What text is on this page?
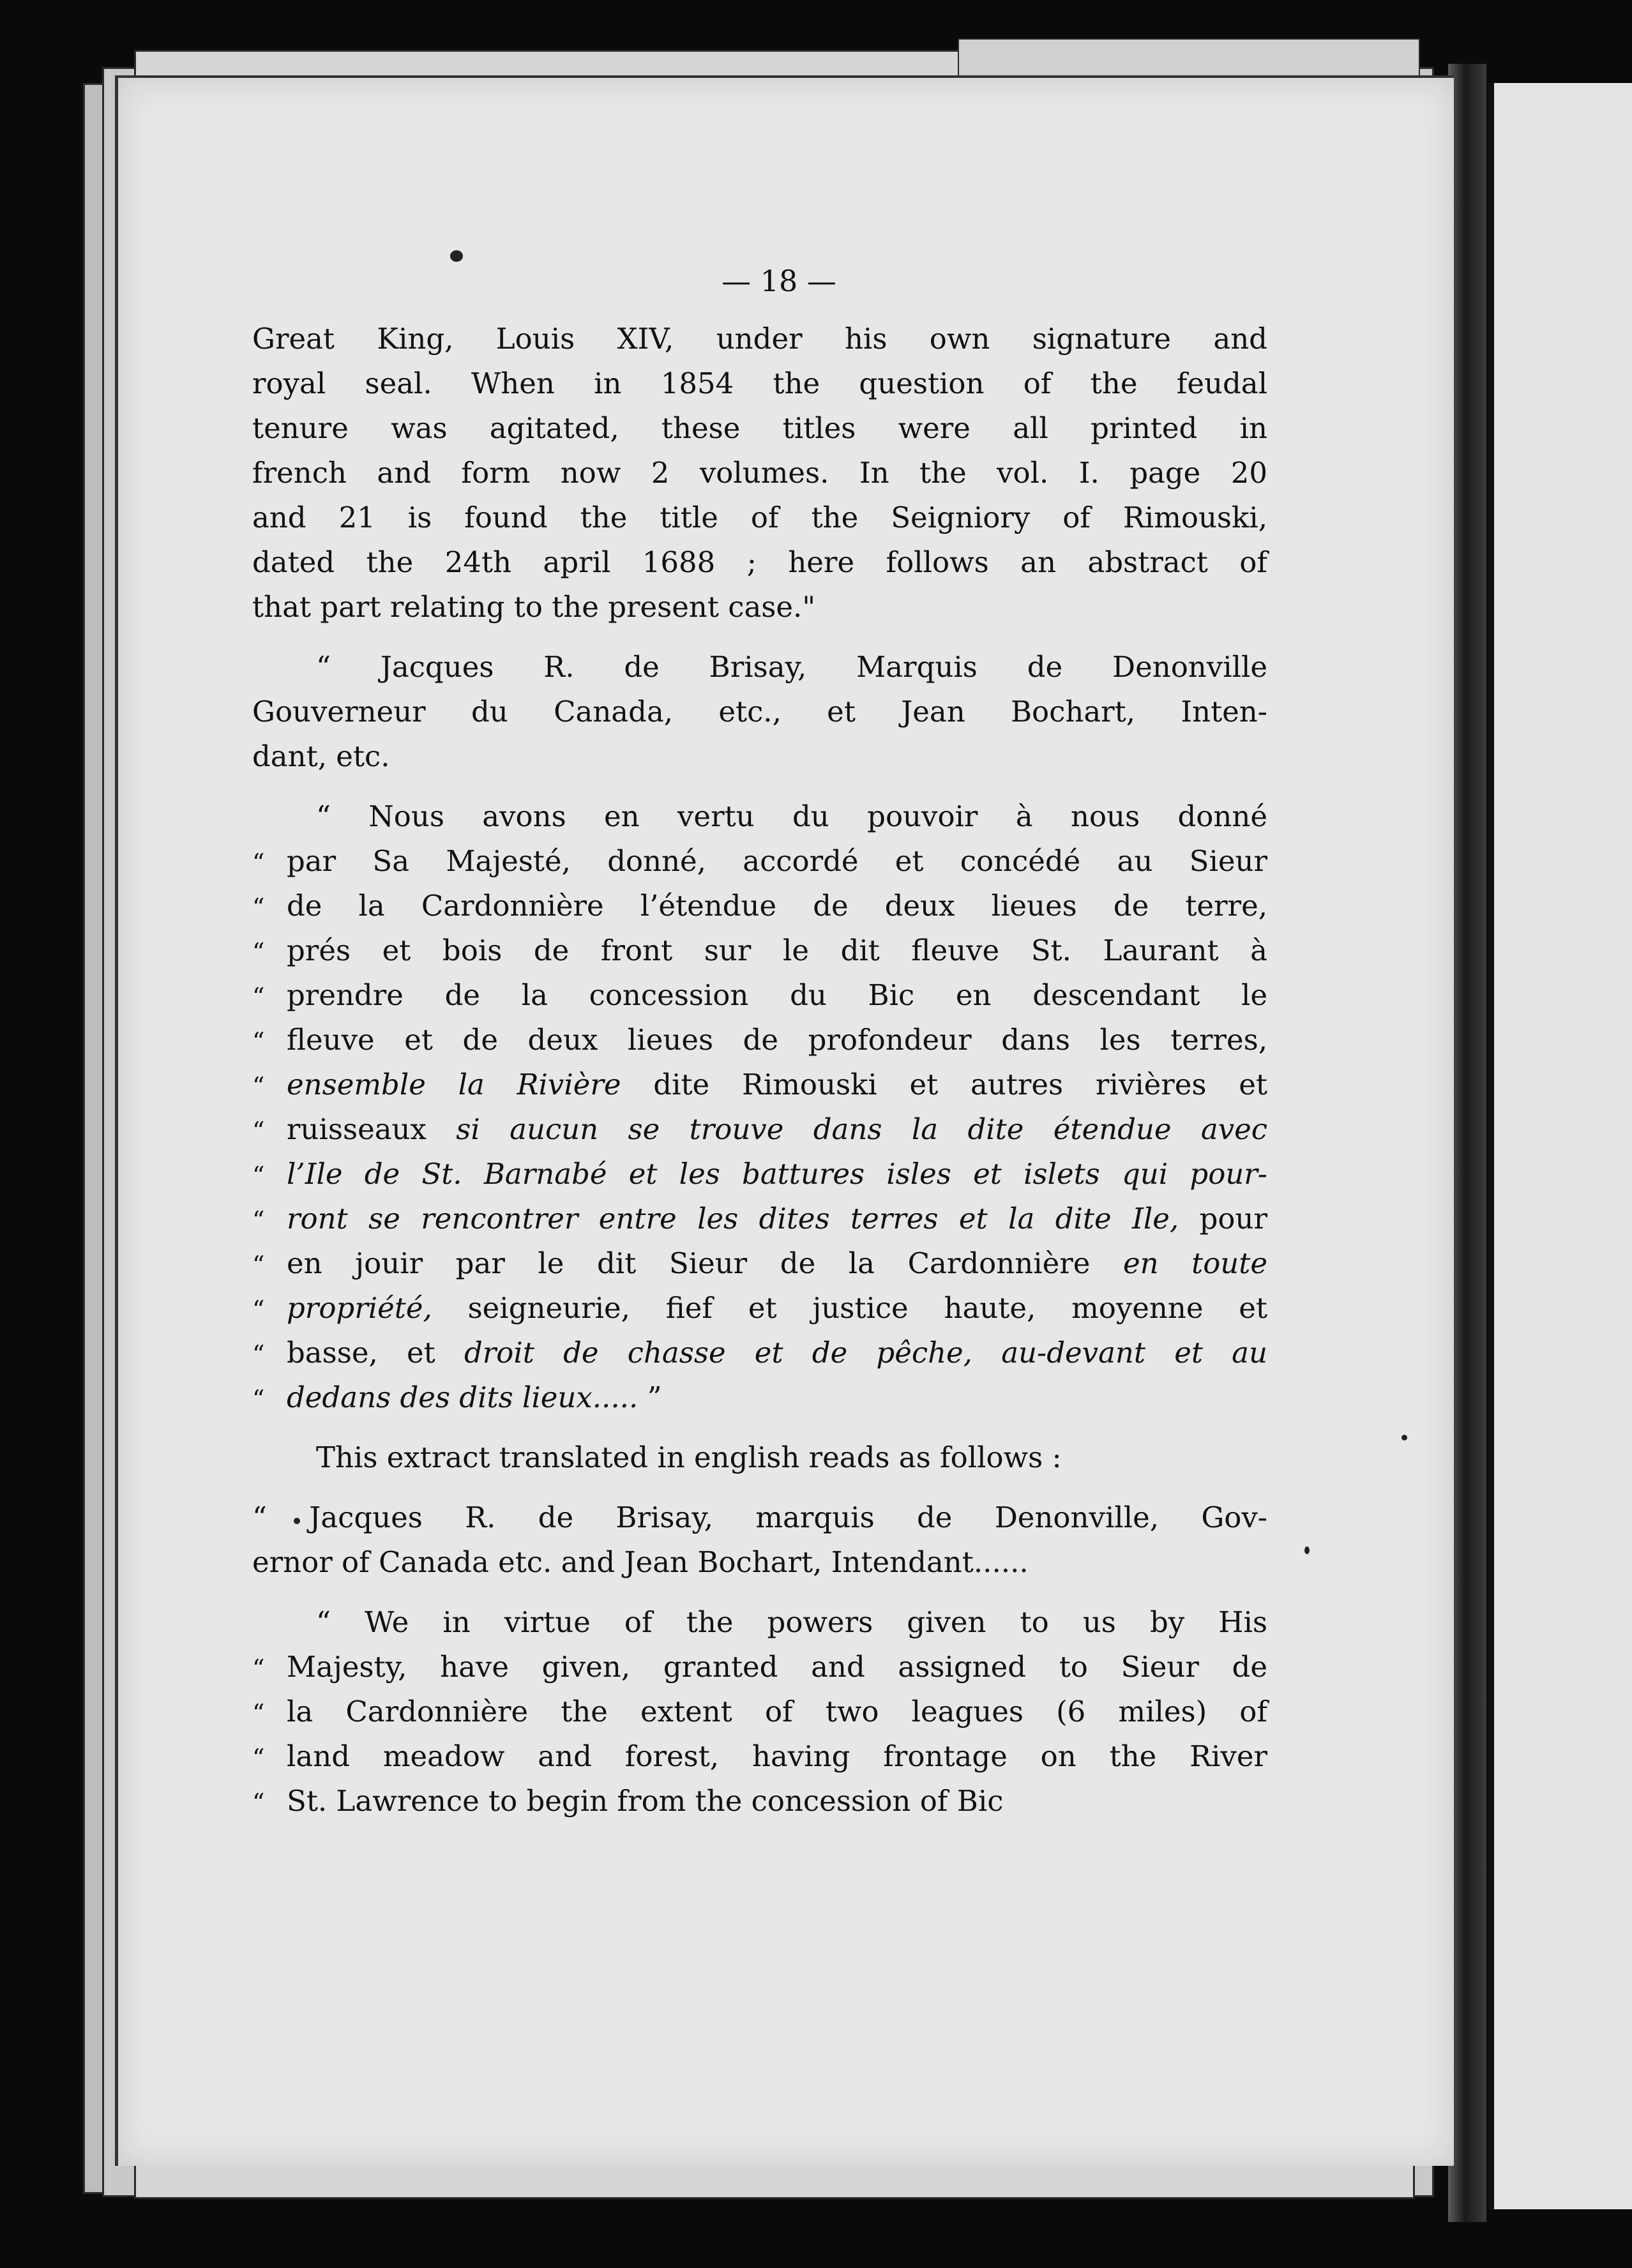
— 18 —
Great King, Louis XIV, under his own signature and
royal seal. When in 1854 the question of the feudal
tenure was agitated, these titles were all printed in
french and form now 2 volumes. In the vol. I. page 20
and 21 is found the title of the Seigniory of Rimouski,
dated the 24th april 1688 ; here follows an abstract of
that part relating to the present case."
“ Jacques R. de Brisay, Marquis de Denonville
Gouverneur du Canada, etc., et Jean Bochart, Inten-
dant, etc.
“ Nous avons en vertu du pouvoir à nous donné
“ par Sa Majesté, donné, accordé et concédé au Sieur
“ de la Cardonnière l’étendue de deux lieues de terre,
“ prés et bois de front sur le dit fleuve St. Laurant à
“ prendre de la concession du Bic en descendant le
“ fleuve et de deux lieues de profondeur dans les terres,
“ ensemble la Rivière dite Rimouski et autres rivières et
“ ruisseaux si aucun se trouve dans la dite étendue avec
“ l’Ile de St. Barnabé et les battures isles et islets qui pour-
“ ront se rencontrer entre les dites terres et la dite Ile, pour
“ en jouir par le dit Sieur de la Cardonnière en toute
“ propriété, seigneurie, fief et justice haute, moyenne et
“ basse, et droit de chasse et de pêche, au-devant et au
“ dedans des dits lieux..... ”
This extract translated in english reads as follows :
“ Jacques R. de Brisay, marquis de Denonville, Gov-
ernor of Canada etc. and Jean Bochart, Intendant......
“ We in virtue of the powers given to us by His
“ Majesty, have given, granted and assigned to Sieur de
“ la Cardonnière the extent of two leagues (6 miles) of
“ land meadow and forest, having frontage on the River
“ St. Lawrence to begin from the concession of Bic
